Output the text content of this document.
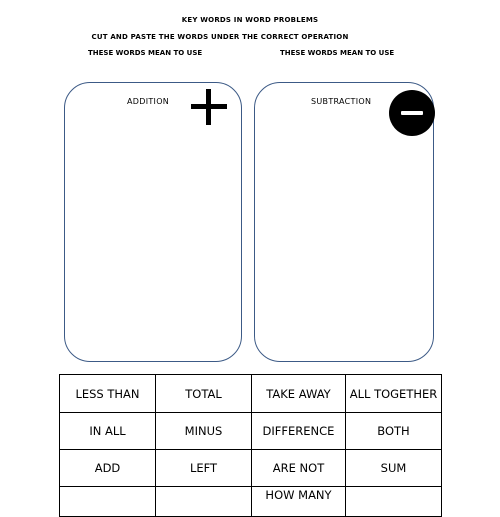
KEY WORDS IN WORD PROBLEMS
CUT AND PASTE THE WORDS UNDER THE CORRECT OPERATION
THESE WORDS MEAN TO USE	THESE WORDS MEAN TO USE
ADDITION	SUBTRACTION
LESS THAN	TOTAL	TAKE AWAY	ALL TOGETHER
IN ALL	MINUS	DIFFERENCE	BOTH
ADD	LEFT	ARE NOT	SUM
		HOW MANY	
